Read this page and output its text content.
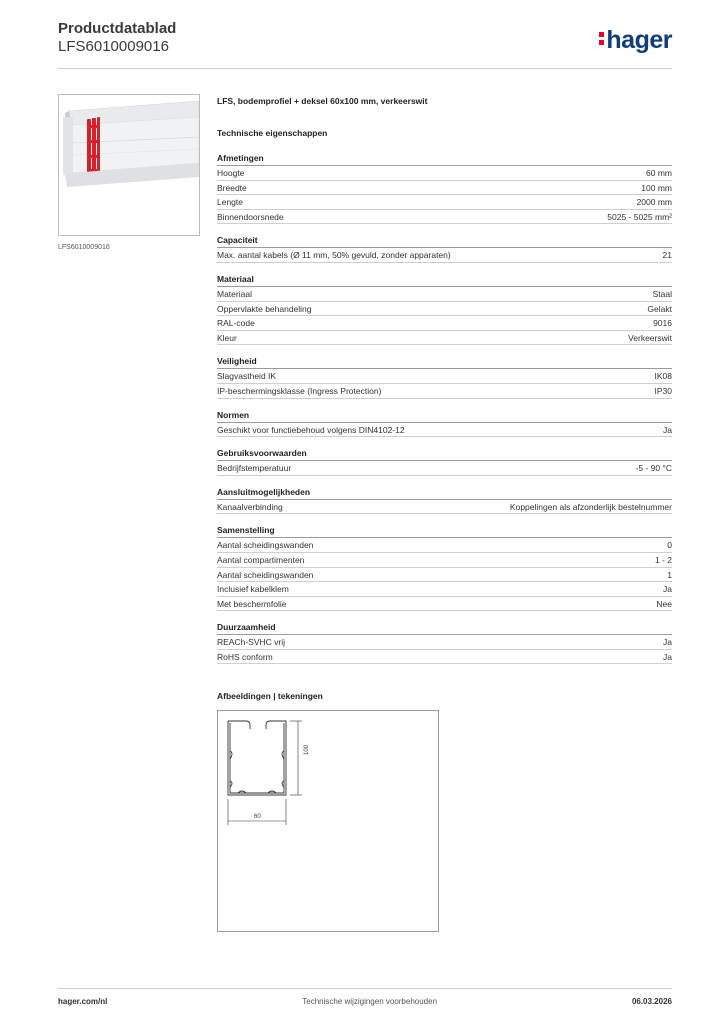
Productdatablad
LFS6010009016	hager
LFS6010009016
LFS, bodemprofiel + deksel 60x100 mm, verkeerswit
Technische eigenschappen
Afmetingen
Hoogte	60 mm
Breedte	100 mm
Lengte	2000 mm
Binnendoorsnede	5025 - 5025 mm²
Capaciteit
Max. aantal kabels (Ø 11 mm, 50% gevuld, zonder apparaten)	21
Materiaal
Materiaal	Staal
Oppervlakte behandeling	Gelakt
RAL-code	9016
Kleur	Verkeerswit
Veiligheid
Slagvastheid IK	IK08
IP-beschermingsklasse (Ingress Protection)	IP30
Normen
Geschikt voor functiebehoud volgens DIN4102-12	Ja
Gebruiksvoorwaarden
Bedrijfstemperatuur	-5 - 90 °C
Aansluitmogelijkheden
Kanaalverbinding	Koppelingen als afzonderlijk bestelnummer
Samenstelling
Aantal scheidingswanden	0
Aantal compartimenten	1 - 2
Aantal scheidingswanden	1
Inclusief kabelklem	Ja
Met beschermfolie	Nee
Duurzaamheid
REACh-SVHC vrij	Ja
RoHS conform	Ja
Afbeeldingen | tekeningen
60
100
hager.com/nl	Technische wijzigingen voorbehouden	06.03.2026
